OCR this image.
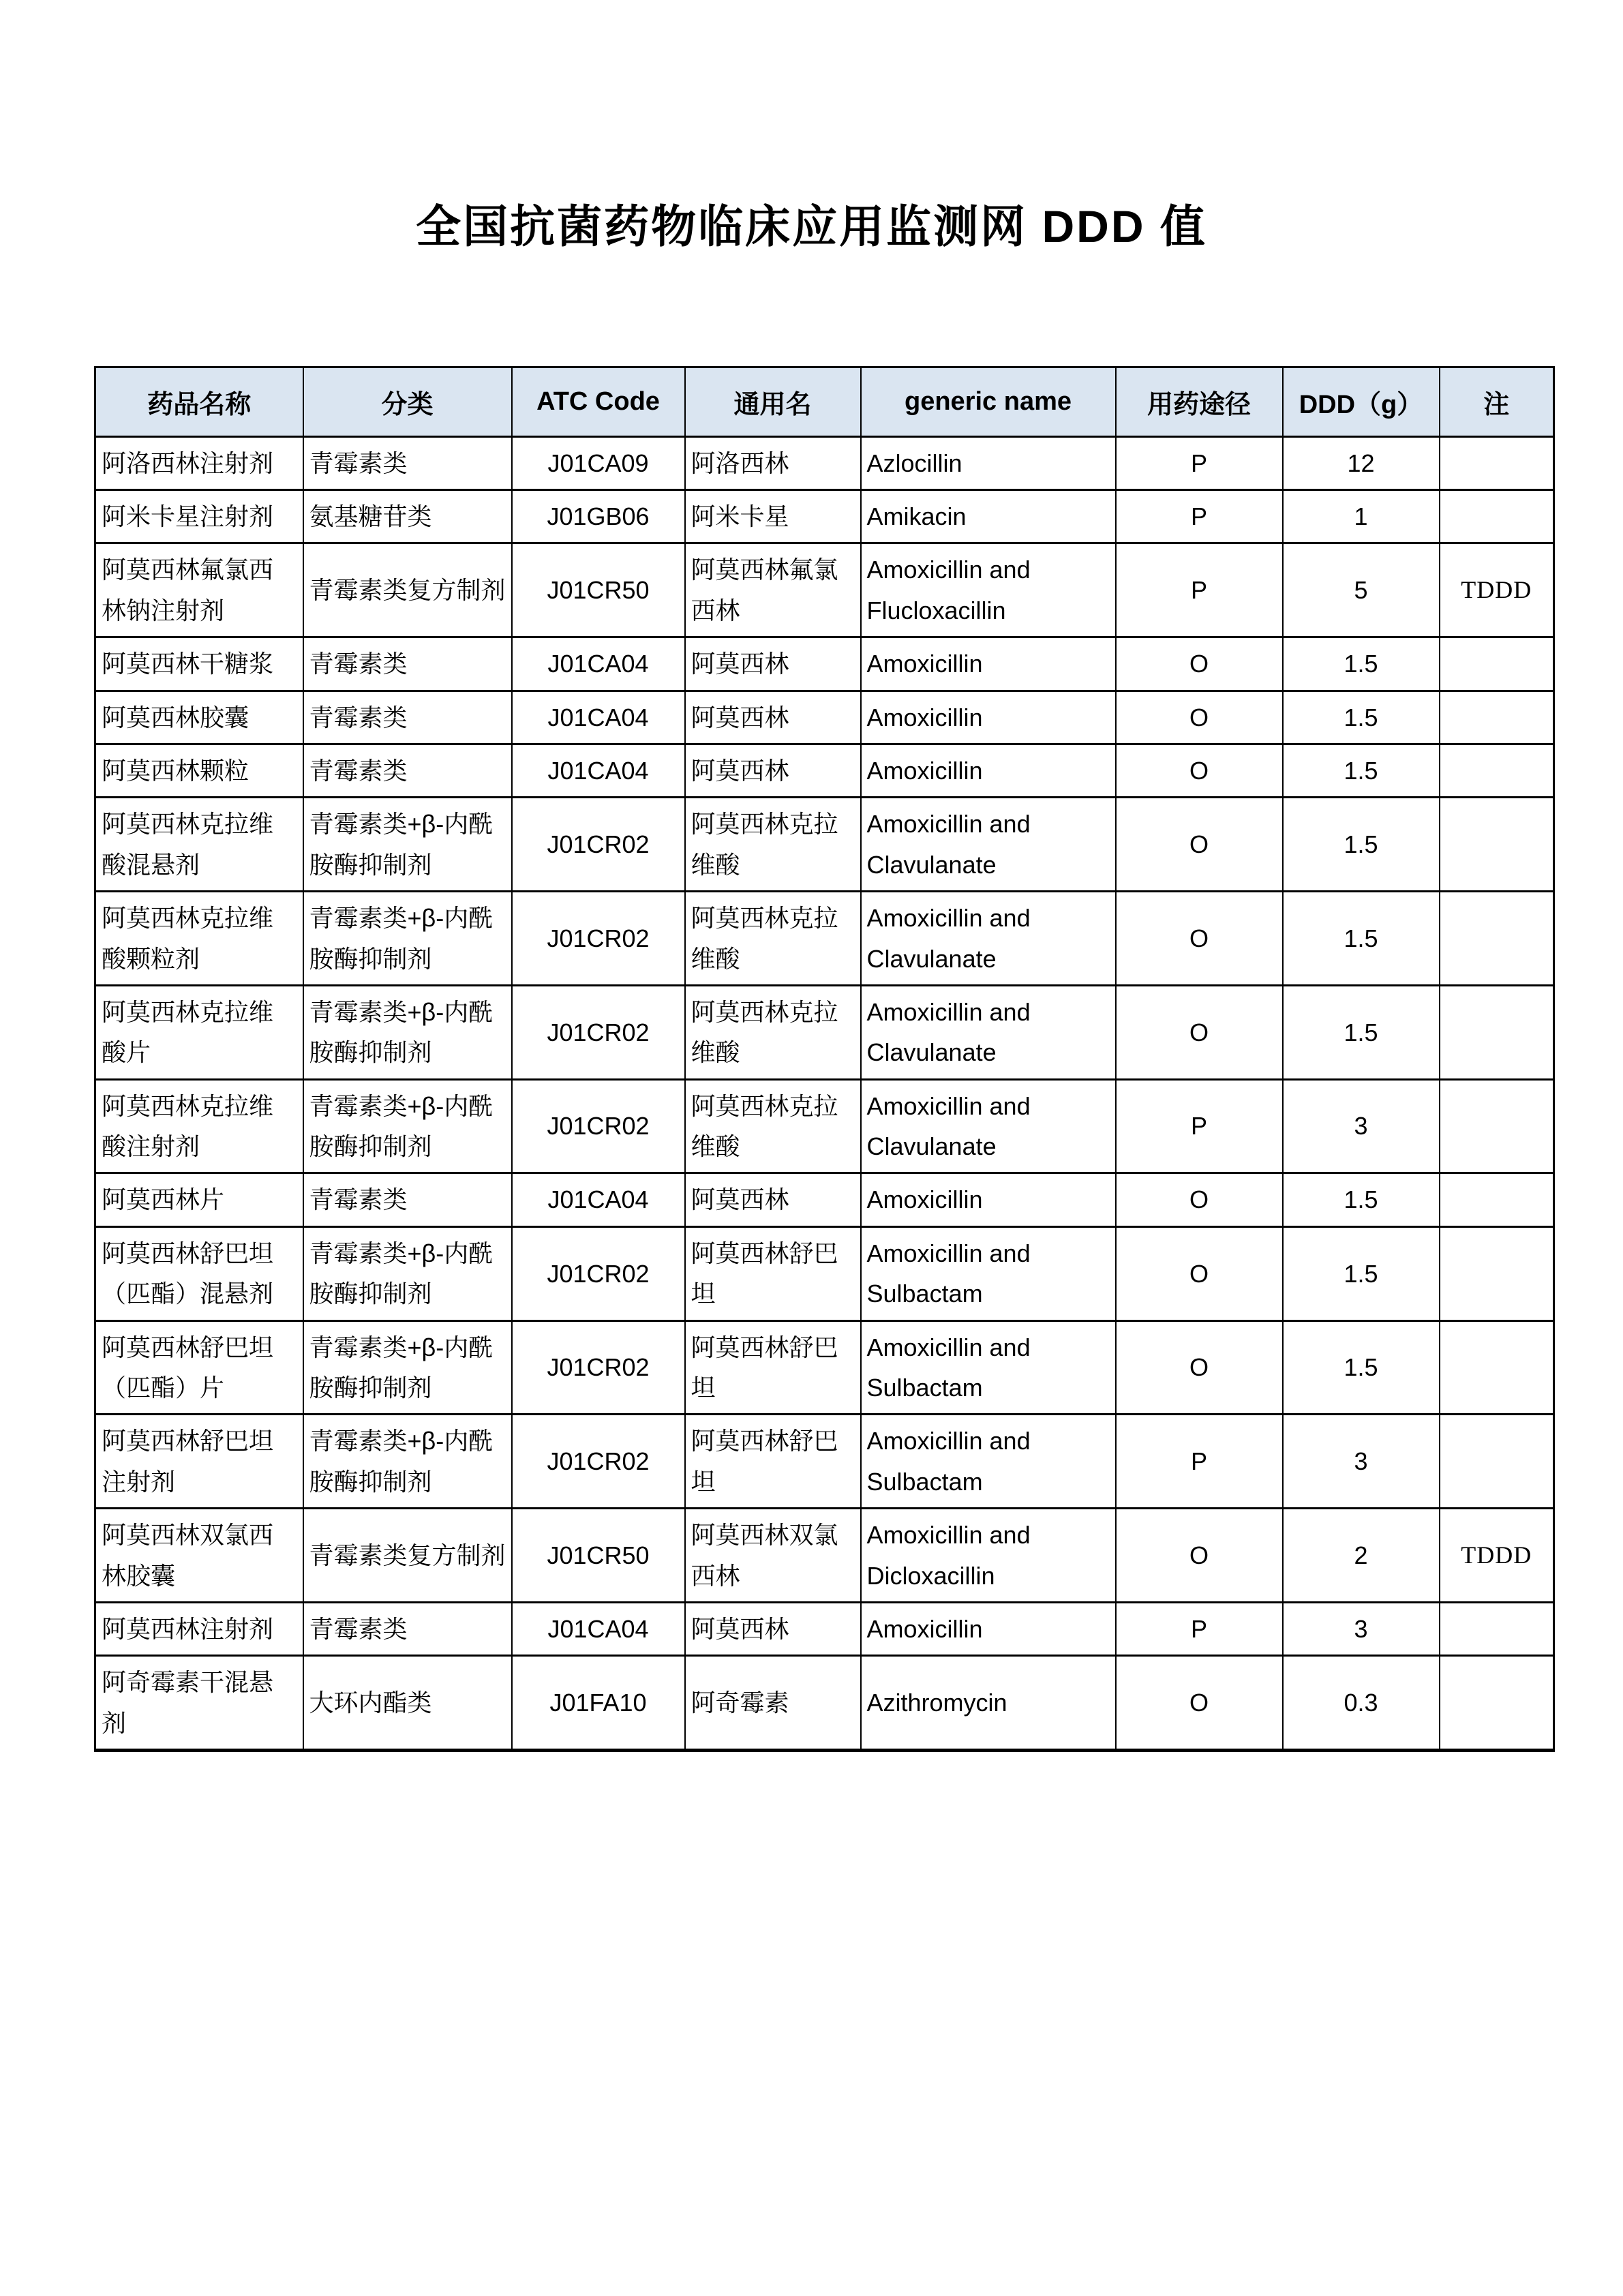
全国抗菌药物临床应用监测网 DDD 值
药品名称	分类	ATC Code	通用名	generic name	用药途径	DDD（g）	注
阿洛西林注射剂	青霉素类	J01CA09	阿洛西林	Azlocillin	P	12	
阿米卡星注射剂	氨基糖苷类	J01GB06	阿米卡星	Amikacin	P	1	
阿莫西林氟氯西林钠注射剂	青霉素类复方制剂	J01CR50	阿莫西林氟氯西林	Amoxicillin and Flucloxacillin	P	5	TDDD
阿莫西林干糖浆	青霉素类	J01CA04	阿莫西林	Amoxicillin	O	1.5	
阿莫西林胶囊	青霉素类	J01CA04	阿莫西林	Amoxicillin	O	1.5	
阿莫西林颗粒	青霉素类	J01CA04	阿莫西林	Amoxicillin	O	1.5	
阿莫西林克拉维酸混悬剂	青霉素类+β-内酰胺酶抑制剂	J01CR02	阿莫西林克拉维酸	Amoxicillin and Clavulanate	O	1.5	
阿莫西林克拉维酸颗粒剂	青霉素类+β-内酰胺酶抑制剂	J01CR02	阿莫西林克拉维酸	Amoxicillin and Clavulanate	O	1.5	
阿莫西林克拉维酸片	青霉素类+β-内酰胺酶抑制剂	J01CR02	阿莫西林克拉维酸	Amoxicillin and Clavulanate	O	1.5	
阿莫西林克拉维酸注射剂	青霉素类+β-内酰胺酶抑制剂	J01CR02	阿莫西林克拉维酸	Amoxicillin and Clavulanate	P	3	
阿莫西林片	青霉素类	J01CA04	阿莫西林	Amoxicillin	O	1.5	
阿莫西林舒巴坦（匹酯）混悬剂	青霉素类+β-内酰胺酶抑制剂	J01CR02	阿莫西林舒巴坦	Amoxicillin and Sulbactam	O	1.5	
阿莫西林舒巴坦（匹酯）片	青霉素类+β-内酰胺酶抑制剂	J01CR02	阿莫西林舒巴坦	Amoxicillin and Sulbactam	O	1.5	
阿莫西林舒巴坦注射剂	青霉素类+β-内酰胺酶抑制剂	J01CR02	阿莫西林舒巴坦	Amoxicillin and Sulbactam	P	3	
阿莫西林双氯西林胶囊	青霉素类复方制剂	J01CR50	阿莫西林双氯西林	Amoxicillin and Dicloxacillin	O	2	TDDD
阿莫西林注射剂	青霉素类	J01CA04	阿莫西林	Amoxicillin	P	3	
阿奇霉素干混悬剂	大环内酯类	J01FA10	阿奇霉素	Azithromycin	O	0.3	
